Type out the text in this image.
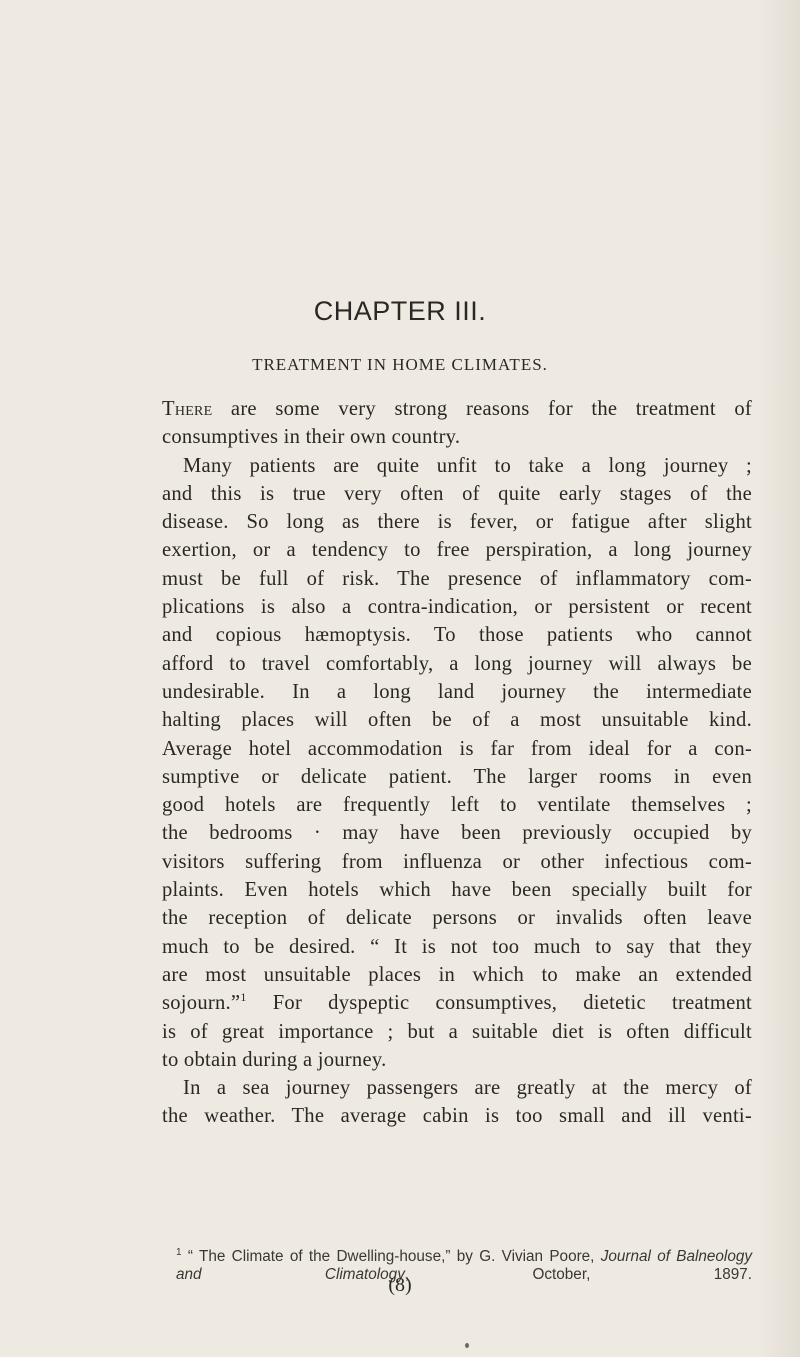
CHAPTER III.
TREATMENT IN HOME CLIMATES.
There are some very strong reasons for the treatment of
consumptives in their own country.
Many patients are quite unfit to take a long journey ;
and this is true very often of quite early stages of the
disease. So long as there is fever, or fatigue after slight
exertion, or a tendency to free perspiration, a long journey
must be full of risk. The presence of inflammatory com-
plications is also a contra-indication, or persistent or recent
and copious hæmoptysis. To those patients who cannot
afford to travel comfortably, a long journey will always be
undesirable. In a long land journey the intermediate
halting places will often be of a most unsuitable kind.
Average hotel accommodation is far from ideal for a con-
sumptive or delicate patient. The larger rooms in even
good hotels are frequently left to ventilate themselves ;
the bedrooms · may have been previously occupied by
visitors suffering from influenza or other infectious com-
plaints. Even hotels which have been specially built for
the reception of delicate persons or invalids often leave
much to be desired. “ It is not too much to say that they
are most unsuitable places in which to make an extended
sojourn.”$^1$ For dyspeptic consumptives, dietetic treatment
is of great importance ; but a suitable diet is often difficult
to obtain during a journey.
In a sea journey passengers are greatly at the mercy of
the weather. The average cabin is too small and ill venti-
$^1$ “ The Climate of the Dwelling-house,” by G. Vivian Poore, Journal of Balneology and Climatology, October, 1897.
(8)
